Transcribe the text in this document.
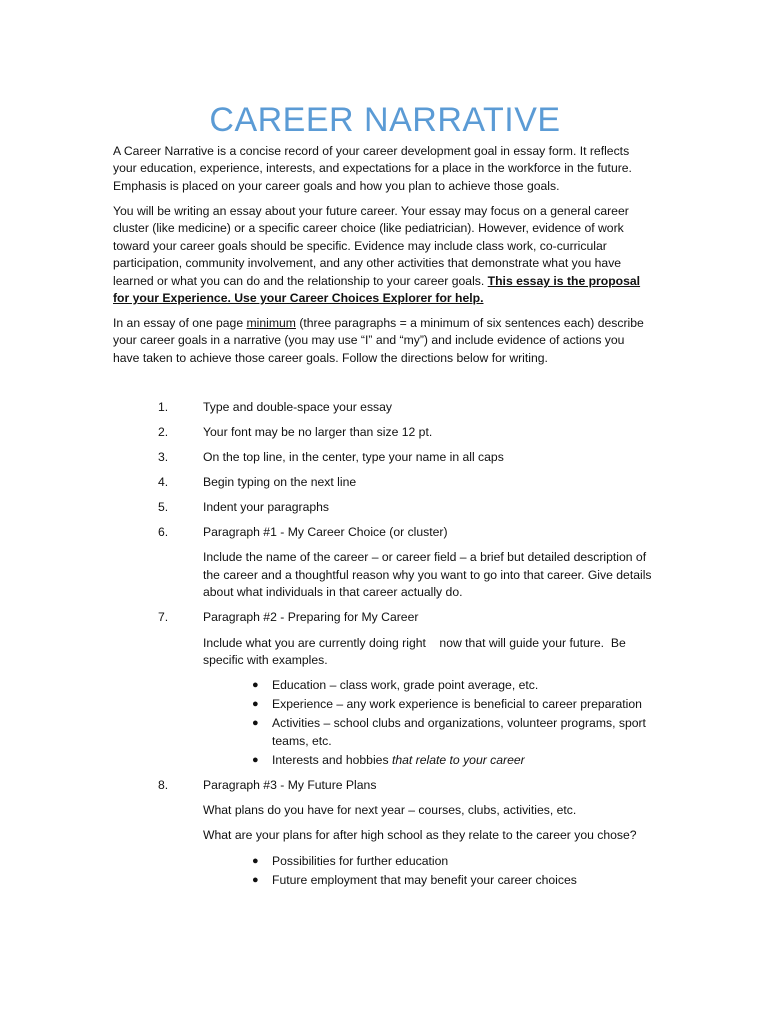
CAREER NARRATIVE

A Career Narrative is a concise record of your career development goal in essay form. It reflects your education, experience, interests, and expectations for a place in the workforce in the future. Emphasis is placed on your career goals and how you plan to achieve those goals.

You will be writing an essay about your future career. Your essay may focus on a general career cluster (like medicine) or a specific career choice (like pediatrician). However, evidence of work toward your career goals should be specific. Evidence may include class work, co-curricular participation, community involvement, and any other activities that demonstrate what you have learned or what you can do and the relationship to your career goals. This essay is the proposal for your Experience. Use your Career Choices Explorer for help.

In an essay of one page minimum (three paragraphs = a minimum of six sentences each) describe your career goals in a narrative (you may use “I” and “my”) and include evidence of actions you have taken to achieve those career goals. Follow the directions below for writing.

1.	Type and double-space your essay
2.	Your font may be no larger than size 12 pt.
3.	On the top line, in the center, type your name in all caps
4.	Begin typing on the next line
5.	Indent your paragraphs
6.	Paragraph #1 - My Career Choice (or cluster)
Include the name of the career – or career field – a brief but detailed description of the career and a thoughtful reason why you want to go into that career. Give details about what individuals in that career actually do.
7.	Paragraph #2 - Preparing for My Career
Include what you are currently doing right    now that will guide your future.  Be specific with examples.
● Education – class work, grade point average, etc.
● Experience – any work experience is beneficial to career preparation
● Activities – school clubs and organizations, volunteer programs, sport teams, etc.
● Interests and hobbies that relate to your career
8.	Paragraph #3 - My Future Plans
What plans do you have for next year – courses, clubs, activities, etc.
What are your plans for after high school as they relate to the career you chose?
● Possibilities for further education
● Future employment that may benefit your career choices
